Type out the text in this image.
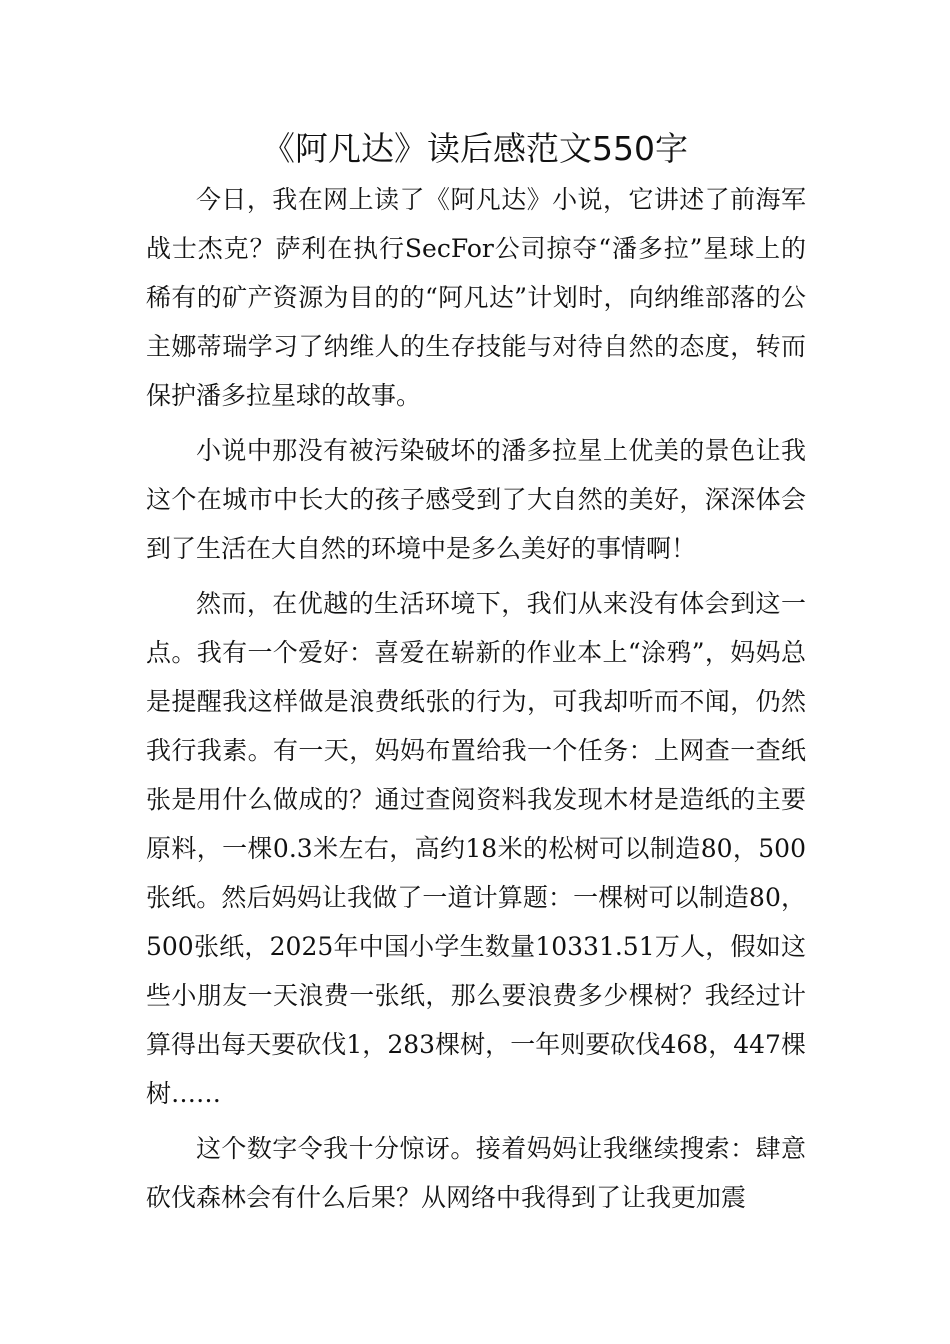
《阿凡达》读后感范文550字

今日，我在网上读了《阿凡达》小说，它讲述了前海军战士杰克？萨利在执行SecFor公司掠夺“潘多拉”星球上的稀有的矿产资源为目的的“阿凡达”计划时，向纳维部落的公主娜蒂瑞学习了纳维人的生存技能与对待自然的态度，转而保护潘多拉星球的故事。

小说中那没有被污染破坏的潘多拉星上优美的景色让我这个在城市中长大的孩子感受到了大自然的美好，深深体会到了生活在大自然的环境中是多么美好的事情啊！

然而，在优越的生活环境下，我们从来没有体会到这一点。我有一个爱好：喜爱在崭新的作业本上“涂鸦”，妈妈总是提醒我这样做是浪费纸张的行为，可我却听而不闻，仍然我行我素。有一天，妈妈布置给我一个任务：上网查一查纸张是用什么做成的？通过查阅资料我发现木材是造纸的主要原料，一棵0.3米左右，高约18米的松树可以制造80，500张纸。然后妈妈让我做了一道计算题：一棵树可以制造80，500张纸，2025年中国小学生数量10331.51万人，假如这些小朋友一天浪费一张纸，那么要浪费多少棵树？我经过计算得出每天要砍伐1，283棵树，一年则要砍伐468，447棵树……

这个数字令我十分惊讶。接着妈妈让我继续搜索：肆意砍伐森林会有什么后果？从网络中我得到了让我更加震
